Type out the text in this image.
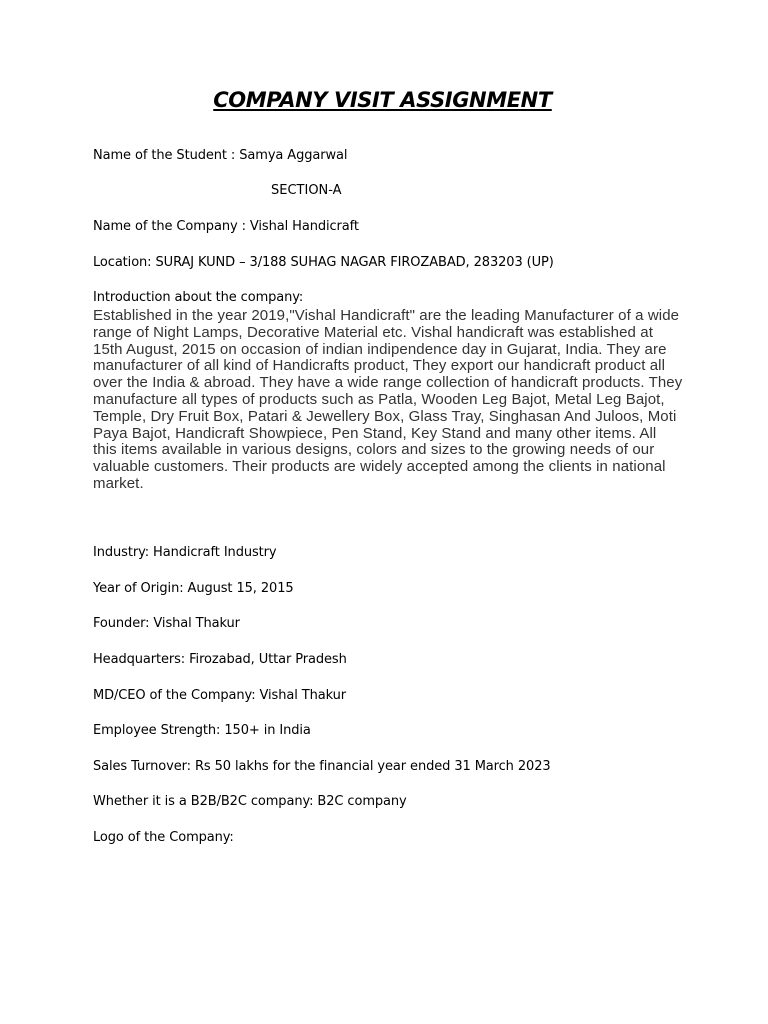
COMPANY VISIT ASSIGNMENT
Name of the Student : Samya Aggarwal
SECTION-A
Name of the Company : Vishal Handicraft
Location: SURAJ KUND – 3/188 SUHAG NAGAR FIROZABAD, 283203 (UP)
Introduction about the company:
Established in the year 2019,"Vishal Handicraft" are the leading Manufacturer of a wide range of Night Lamps, Decorative Material etc. Vishal handicraft was established at 15th August, 2015 on occasion of indian indipendence day in Gujarat, India. They are manufacturer of all kind of Handicrafts product, They export our handicraft product all over the India & abroad. They have a wide range collection of handicraft products. They manufacture all types of products such as Patla, Wooden Leg Bajot, Metal Leg Bajot, Temple, Dry Fruit Box, Patari & Jewellery Box, Glass Tray, Singhasan And Juloos, Moti Paya Bajot, Handicraft Showpiece, Pen Stand, Key Stand and many other items. All this items available in various designs, colors and sizes to the growing needs of our valuable customers. Their products are widely accepted among the clients in national market.
Industry: Handicraft Industry
Year of Origin: August 15, 2015
Founder: Vishal Thakur
Headquarters: Firozabad, Uttar Pradesh
MD/CEO of the Company: Vishal Thakur
Employee Strength: 150+ in India
Sales Turnover: Rs 50 lakhs for the financial year ended 31 March 2023
Whether it is a B2B/B2C company: B2C company
Logo of the Company:
